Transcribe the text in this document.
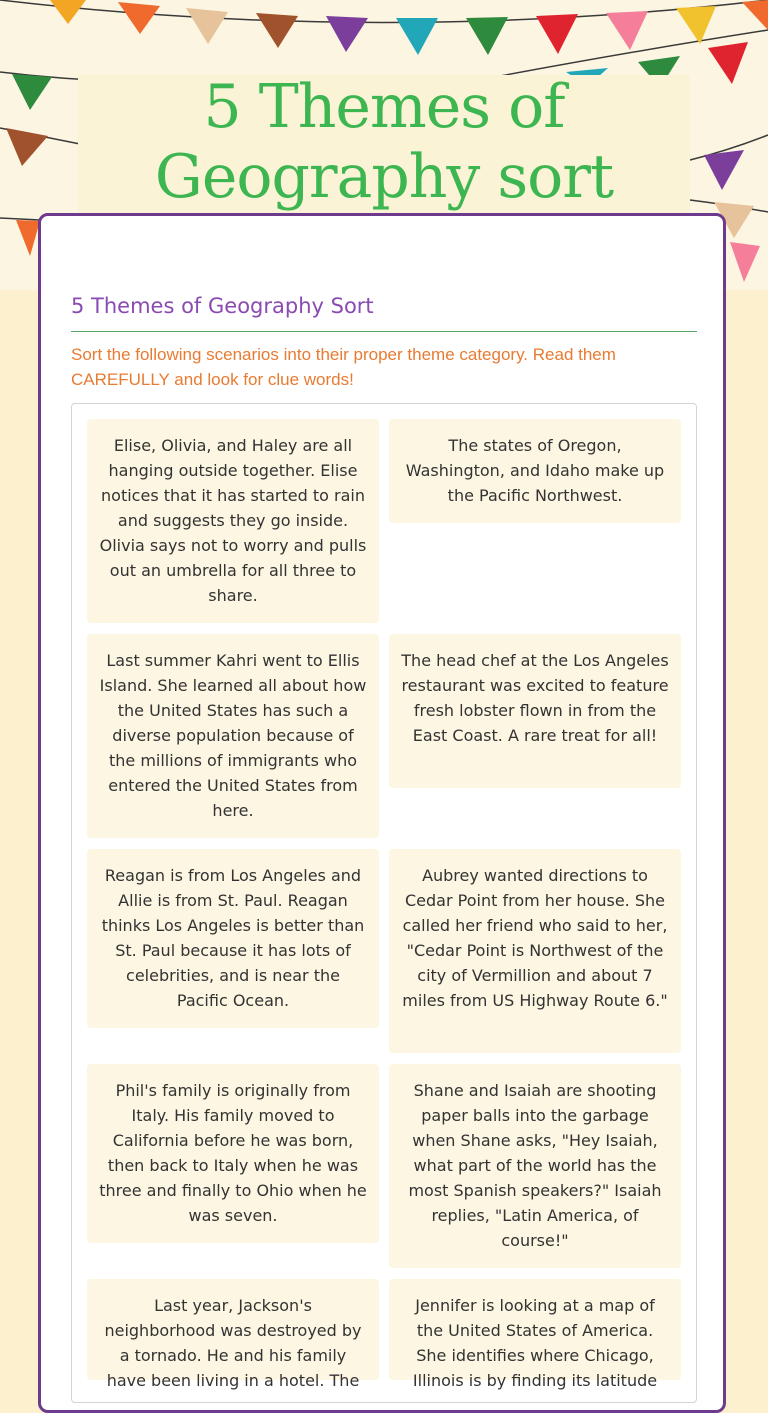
5 Themes of Geography sort
5 Themes of Geography Sort

Sort the following scenarios into their proper theme category. Read them CAREFULLY and look for clue words!

Elise, Olivia, and Haley are all hanging outside together. Elise notices that it has started to rain and suggests they go inside. Olivia says not to worry and pulls out an umbrella for all three to share.
The states of Oregon, Washington, and Idaho make up the Pacific Northwest.
Last summer Kahri went to Ellis Island. She learned all about how the United States has such a diverse population because of the millions of immigrants who entered the United States from here.
The head chef at the Los Angeles restaurant was excited to feature fresh lobster flown in from the East Coast. A rare treat for all!
Reagan is from Los Angeles and Allie is from St. Paul. Reagan thinks Los Angeles is better than St. Paul because it has lots of celebrities, and is near the Pacific Ocean.
Aubrey wanted directions to Cedar Point from her house. She called her friend who said to her, "Cedar Point is Northwest of the city of Vermillion and about 7 miles from US Highway Route 6."
Phil's family is originally from Italy. His family moved to California before he was born, then back to Italy when he was three and finally to Ohio when he was seven.
Shane and Isaiah are shooting paper balls into the garbage when Shane asks, "Hey Isaiah, what part of the world has the most Spanish speakers?" Isaiah replies, "Latin America, of course!"
Last year, Jackson's neighborhood was destroyed by a tornado. He and his family have been living in a hotel. The
Jennifer is looking at a map of the United States of America. She identifies where Chicago, Illinois is by finding its latitude
